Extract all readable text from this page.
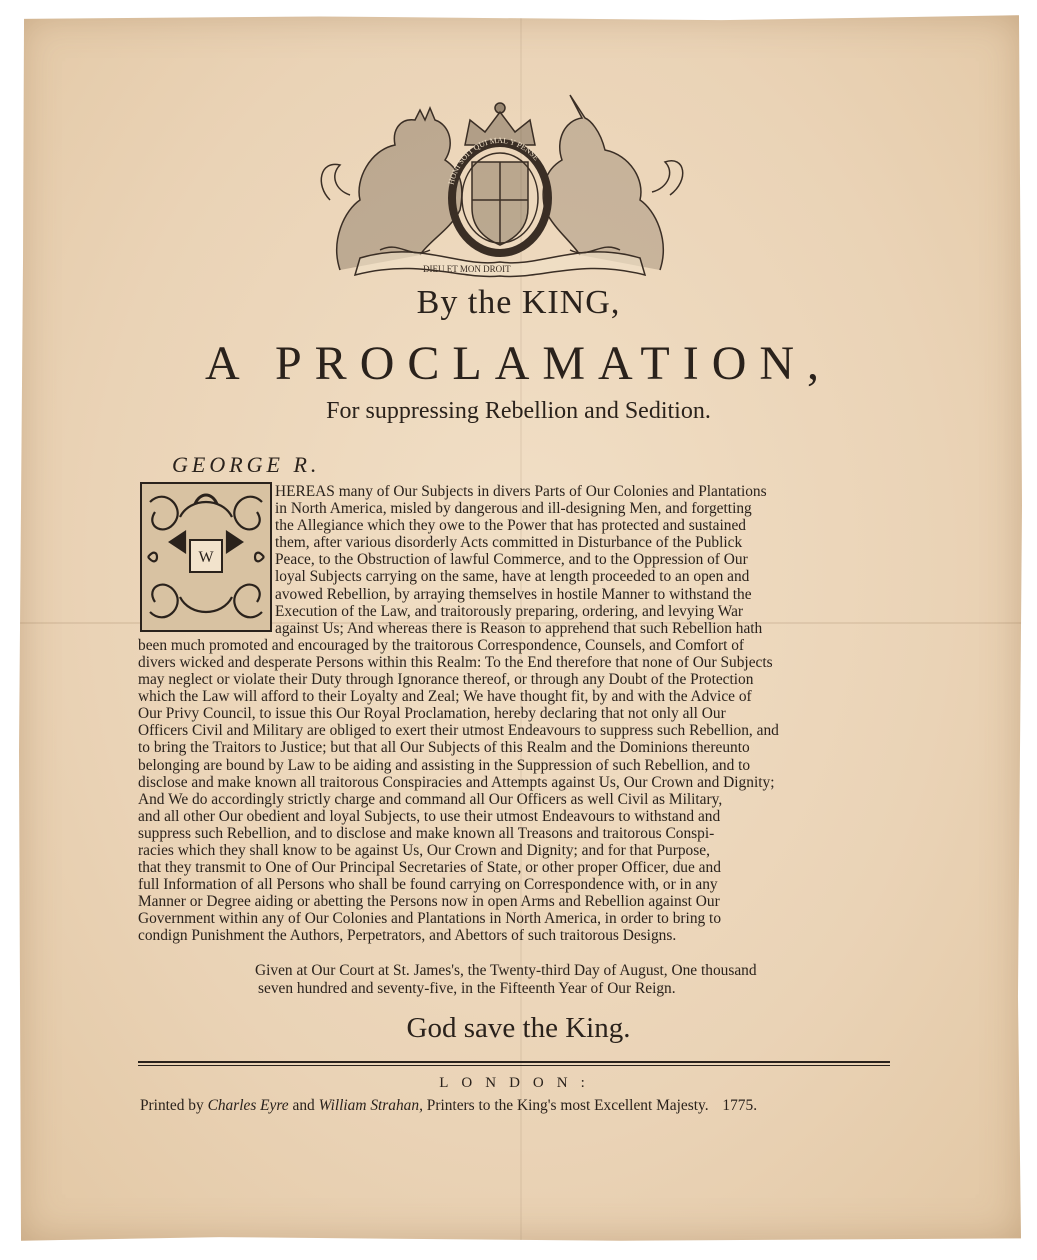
DIEU ET MON DROIT
HONI SOIT QUI MAL Y PENSE
By the KING,
A PROCLAMATION,
For suppressing Rebellion and Sedition.
GEORGE R.
W
HEREAS many of Our Subjects in divers Parts of Our Colonies and Plantations
in North America, misled by dangerous and ill-designing Men, and forgetting
the Allegiance which they owe to the Power that has protected and sustained
them, after various disorderly Acts committed in Disturbance of the Publick
Peace, to the Obstruction of lawful Commerce, and to the Oppression of Our
loyal Subjects carrying on the same, have at length proceeded to an open and
avowed Rebellion, by arraying themselves in hostile Manner to withstand the
Execution of the Law, and traitorously preparing, ordering, and levying War
against Us; And whereas there is Reason to apprehend that such Rebellion hath
been much promoted and encouraged by the traitorous Correspondence, Counsels, and Comfort of
divers wicked and desperate Persons within this Realm: To the End therefore that none of Our Subjects
may neglect or violate their Duty through Ignorance thereof, or through any Doubt of the Protection
which the Law will afford to their Loyalty and Zeal; We have thought fit, by and with the Advice of
Our Privy Council, to issue this Our Royal Proclamation, hereby declaring that not only all Our
Officers Civil and Military are obliged to exert their utmost Endeavours to suppress such Rebellion, and
to bring the Traitors to Justice; but that all Our Subjects of this Realm and the Dominions thereunto
belonging are bound by Law to be aiding and assisting in the Suppression of such Rebellion, and to
disclose and make known all traitorous Conspiracies and Attempts against Us, Our Crown and Dignity;
And We do accordingly strictly charge and command all Our Officers as well Civil as Military,
and all other Our obedient and loyal Subjects, to use their utmost Endeavours to withstand and
suppress such Rebellion, and to disclose and make known all Treasons and traitorous Conspi-
racies which they shall know to be against Us, Our Crown and Dignity; and for that Purpose,
that they transmit to One of Our Principal Secretaries of State, or other proper Officer, due and
full Information of all Persons who shall be found carrying on Correspondence with, or in any
Manner or Degree aiding or abetting the Persons now in open Arms and Rebellion against Our
Government within any of Our Colonies and Plantations in North America, in order to bring to
condign Punishment the Authors, Perpetrators, and Abettors of such traitorous Designs.
Given at Our Court at St. James's, the Twenty-third Day of August, One thousand
seven hundred and seventy-five, in the Fifteenth Year of Our Reign.
God save the King.
LONDON:
Printed by Charles Eyre and William Strahan, Printers to the King's most Excellent Majesty. 1775.
